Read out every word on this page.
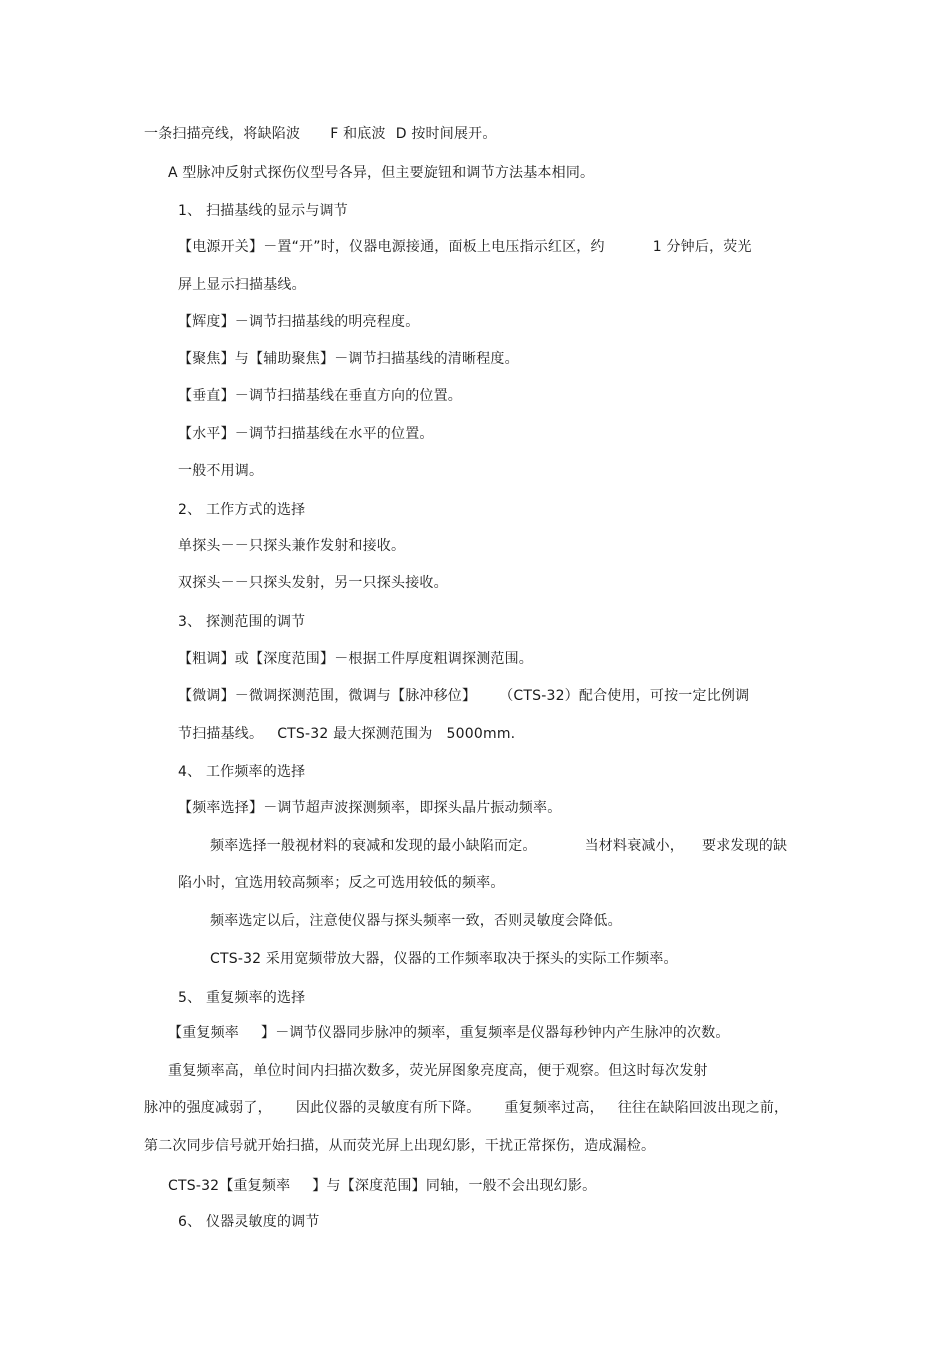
一条扫描亮线，将缺陷波 F 和底波 D 按时间展开。
A 型脉冲反射式探伤仪型号各异，但主要旋钮和调节方法基本相同。
1、 扫描基线的显示与调节
【电源开关】－置“开”时，仪器电源接通，面板上电压指示红区，约	1 分钟后，荧光
屏上显示扫描基线。
【辉度】－调节扫描基线的明亮程度。
【聚焦】与【辅助聚焦】－调节扫描基线的清晰程度。
【垂直】－调节扫描基线在垂直方向的位置。
【水平】－调节扫描基线在水平的位置。
一般不用调。
2、 工作方式的选择
单探头－－只探头兼作发射和接收。
双探头－－只探头发射，另一只探头接收。
3、 探测范围的调节
【粗调】或【深度范围】－根据工件厚度粗调探测范围。
【微调】－微调探测范围，微调与【脉冲移位】 （CTS-32）配合使用，可按一定比例调
节扫描基线。 CTS-32 最大探测范围为 5000mm.
4、 工作频率的选择
【频率选择】－调节超声波探测频率，即探头晶片振动频率。
频率选择一般视材料的衰减和发现的最小缺陷而定。	当材料衰减小， 要求发现的缺
陷小时，宜选用较高频率；反之可选用较低的频率。
频率选定以后，注意使仪器与探头频率一致，否则灵敏度会降低。
CTS-32 采用宽频带放大器，仪器的工作频率取决于探头的实际工作频率。
5、 重复频率的选择
【重复频率 】－调节仪器同步脉冲的频率，重复频率是仪器每秒钟内产生脉冲的次数。
重复频率高，单位时间内扫描次数多，荧光屏图象亮度高，便于观察。但这时每次发射
脉冲的强度减弱了， 因此仪器的灵敏度有所下降。 重复频率过高， 往往在缺陷回波出现之前，
第二次同步信号就开始扫描，从而荧光屏上出现幻影，干扰正常探伤，造成漏检。
CTS-32【重复频率 】与【深度范围】同轴，一般不会出现幻影。
6、 仪器灵敏度的调节
